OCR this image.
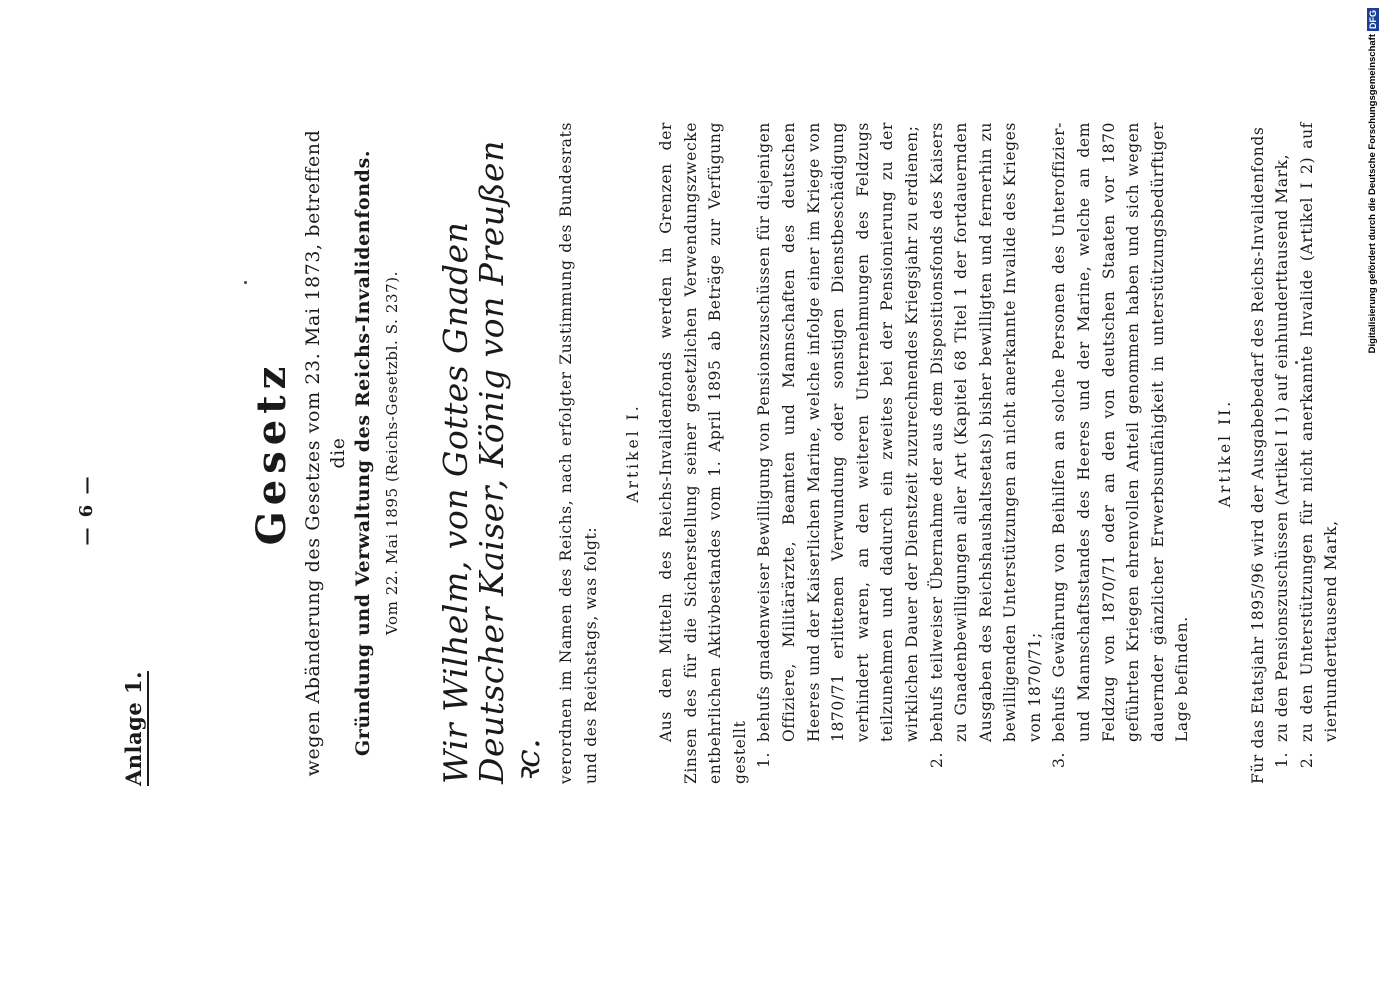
Anlage 1.
— 6 —	Gesetz wegen Abänderung des Gesetzes vom 23. Mai 1873, betreffend die Gründung und Verwaltung des Reichs-Invalidenfonds. Vom 22. Mai 1895 (Reichs-Gesetzbl. S. 237). Wir Wilhelm, von Gottes Gnaden Deutscher Kaiser, König von Preußen ꝛc. verordnen im Namen des Reichs, nach erfolgter Zustimmung des Bundesrats und des Reichstags, was folgt:

Artikel I. Aus den Mitteln des Reichs-Invalidenfonds werden in Grenzen der Zinsen des für die Sicherstellung seiner gesetzlichen Verwendungszwecke entbehrlichen Aktivbestandes vom 1. April 1895 ab Beträge zur Verfügung gestellt 1.
behufs gnadenweiser Bewilligung von Pensionszuschüssen für diejenigen Offiziere, Militärärzte, Beamten und Mannschaften des deutschen Heeres und der Kaiserlichen Marine, welche infolge einer im Kriege von 1870/71 erlittenen Verwundung oder sonstigen Dienstbeschädigung verhindert waren, an den weiteren Unternehmungen des Feldzugs teilzunehmen und dadurch ein zweites bei der Pensionierung zu der wirklichen Dauer der Dienstzeit zuzurechnendes Kriegsjahr zu erdienen;
2.
behufs teilweiser Übernahme der aus dem Dispositionsfonds des Kaisers zu Gnadenbewilligungen aller Art (Kapitel 68 Titel 1 der fortdauernden Ausgaben des Reichshaushaltsetats) bisher bewilligten und fernerhin zu bewilligenden Unterstützungen an nicht anerkannte Invalide des Krieges von 1870/71;
3.
behufs Gewährung von Beihilfen an solche Personen des Unteroffizier- und Mannschaftsstandes des Heeres und der Marine, welche an dem Feldzug von 1870/71 oder an den von deutschen Staaten vor 1870 geführten Kriegen ehrenvollen Anteil genommen haben und sich wegen dauernder gänzlicher Erwerbsunfähigkeit in unterstützungsbedürftiger Lage befinden.
Artikel II. Für das Etatsjahr 1895/96 wird der Ausgabebedarf des Reichs-Invalidenfonds 1.
zu den Pensionszuschüssen (Artikel I 1) auf einhunderttausend Mark,
2.
zu den Unterstützungen für nicht anerkannte Invalide (Artikel I 2) auf vierhunderttausend Mark,
Digitalisierung gefördert durch die Deutsche Forschungsgemeinschaft
DFG
